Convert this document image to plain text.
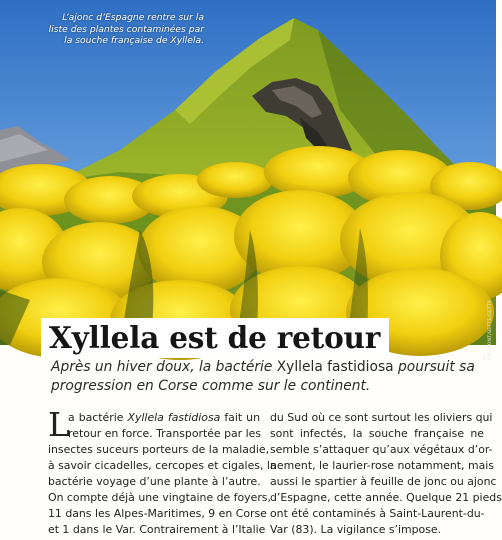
L’ajonc d’Espagne rentre sur la liste des plantes contaminées par la souche française de Xyllela.
M. GAUMONT/BETTE/GETTY
Xyllela est de retour
Après un hiver doux, la bactérie Xyllela fastidiosa poursuit sa progression en Corse comme sur le continent.
L
a bactérie Xyllela fastidiosa fait un
retour en force. Transportée par les
insectes suceurs porteurs de la maladie,
à savoir cicadelles, cercopes et cigales, la
bactérie voyage d’une plante à l’autre.
On compte déjà une vingtaine de foyers,
11 dans les Alpes-Maritimes, 9 en Corse
et 1 dans le Var. Contrairement à l’Italie
du Sud où ce sont surtout les oliviers qui
sont infectés, la souche française ne
semble s’attaquer qu’aux végétaux d’or-
nement, le laurier-rose notamment, mais
aussi le spartier à feuille de jonc ou ajonc
d’Espagne, cette année. Quelque 21 pieds
ont été contaminés à Saint-Laurent-du-
Var (83). La vigilance s’impose.
